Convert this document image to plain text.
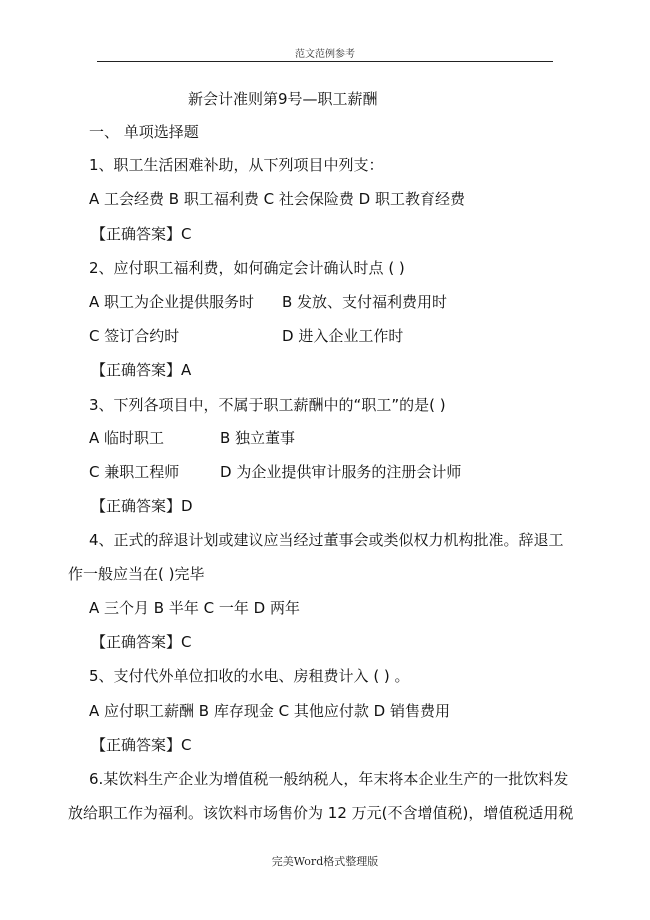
范文范例参考
新会计准则第9号—职工薪酬
一、 单项选择题
1、职工生活困难补助，从下列项目中列支：
A 工会经费 B 职工福利费 C 社会保险费 D 职工教育经费
【正确答案】C
2、应付职工福利费，如何确定会计确认时点 ( )
A 职工为企业提供服务时 B 发放、支付福利费用时
C 签订合约时	D 进入企业工作时
【正确答案】A
3、下列各项目中，不属于职工薪酬中的“职工”的是( )
A 临时职工	B 独立董事
C 兼职工程师	D 为企业提供审计服务的注册会计师
【正确答案】D
4、正式的辞退计划或建议应当经过董事会或类似权力机构批准。辞退工
作一般应当在( )完毕
A 三个月 B 半年 C 一年 D 两年
【正确答案】C
5、支付代外单位扣收的水电、房租费计入 ( ) 。
A 应付职工薪酬 B 库存现金 C 其他应付款 D 销售费用
【正确答案】C
6.某饮料生产企业为增值税一般纳税人，年末将本企业生产的一批饮料发
放给职工作为福利。该饮料市场售价为 12 万元(不含增值税)，增值税适用税
完美Word格式整理版
